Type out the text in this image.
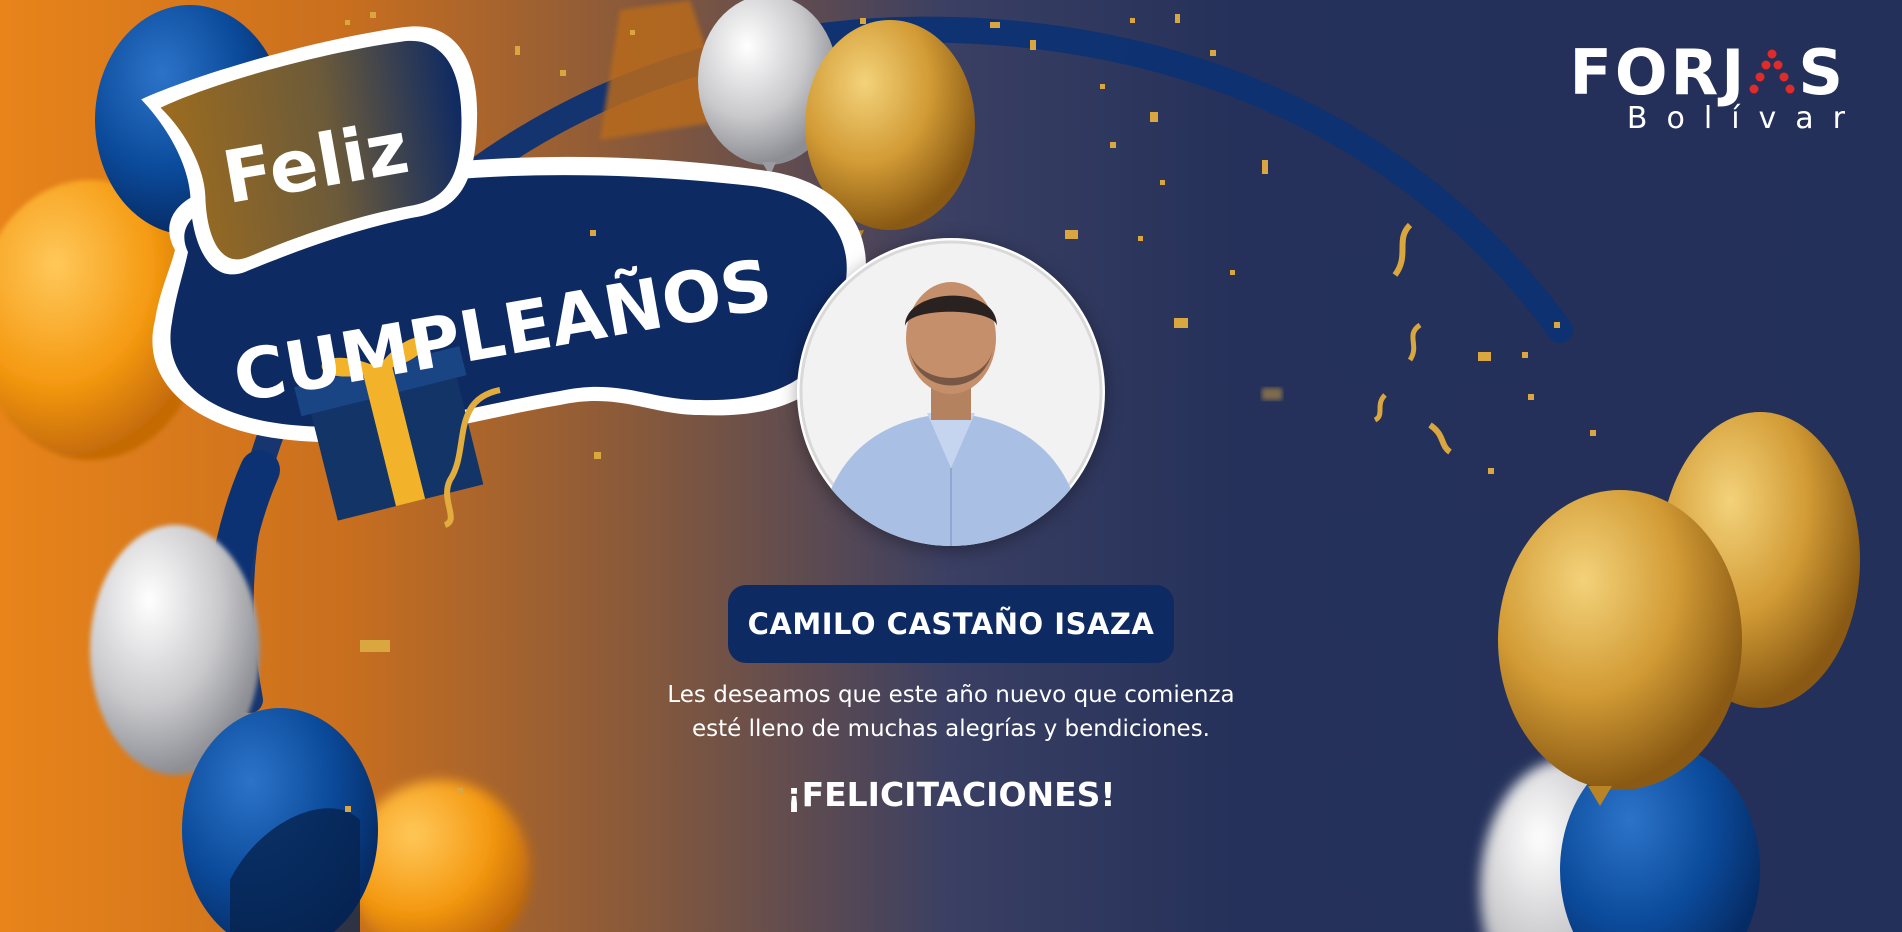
Feliz
CUMPLEAÑOS
FORJ S
Bolívar
CAMILO CASTAÑO ISAZA
Les deseamos que este año nuevo que comienza
esté lleno de muchas alegrías y bendiciones.
¡FELICITACIONES!
